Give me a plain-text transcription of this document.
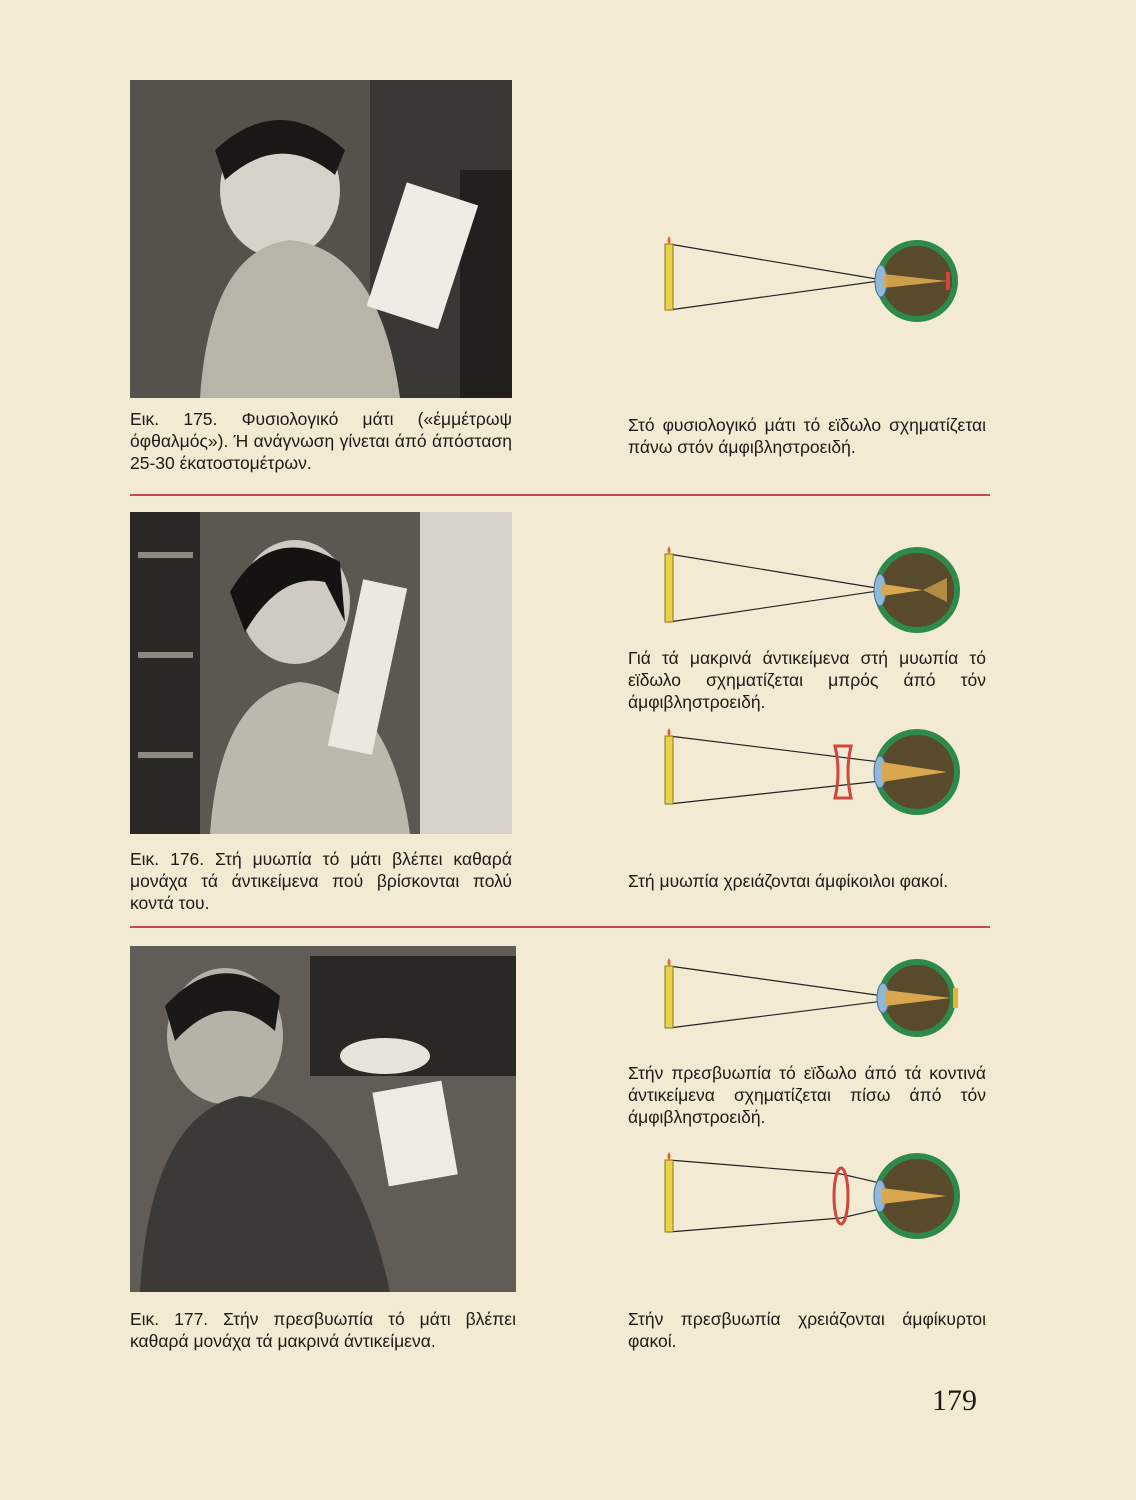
Εικ. 175. Φυσιολογικό μάτι («έμμέτρωψ όφθαλμός»). Ή ανάγνωση γίνεται άπό άπόσταση 25-30 έκατοστομέτρων.

Στό φυσιολογικό μάτι τό εϊδωλο σχηματίζεται πάνω στόν άμφιβληστροειδή.

Εικ. 176. Στή μυωπία τό μάτι βλέπει καθαρά μονάχα τά άντικείμενα πού βρίσκονται πολύ κοντά του.

Γιά τά μακρινά άντικείμενα στή μυωπία τό εϊδωλο σχηματίζεται μπρός άπό τόν άμφιβληστροειδή.

Στή μυωπία χρειάζονται άμφίκοιλοι φακοί.

Εικ. 177. Στήν πρεσβυωπία τό μάτι βλέπει καθαρά μονάχα τά μακρινά άντικείμενα.

Στήν πρεσβυωπία τό εϊδωλο άπό τά κοντινά άντικείμενα σχηματίζεται πίσω άπό τόν άμφιβληστροειδή.

Στήν πρεσβυωπία χρειάζονται άμφίκυρτοι φακοί.

179
